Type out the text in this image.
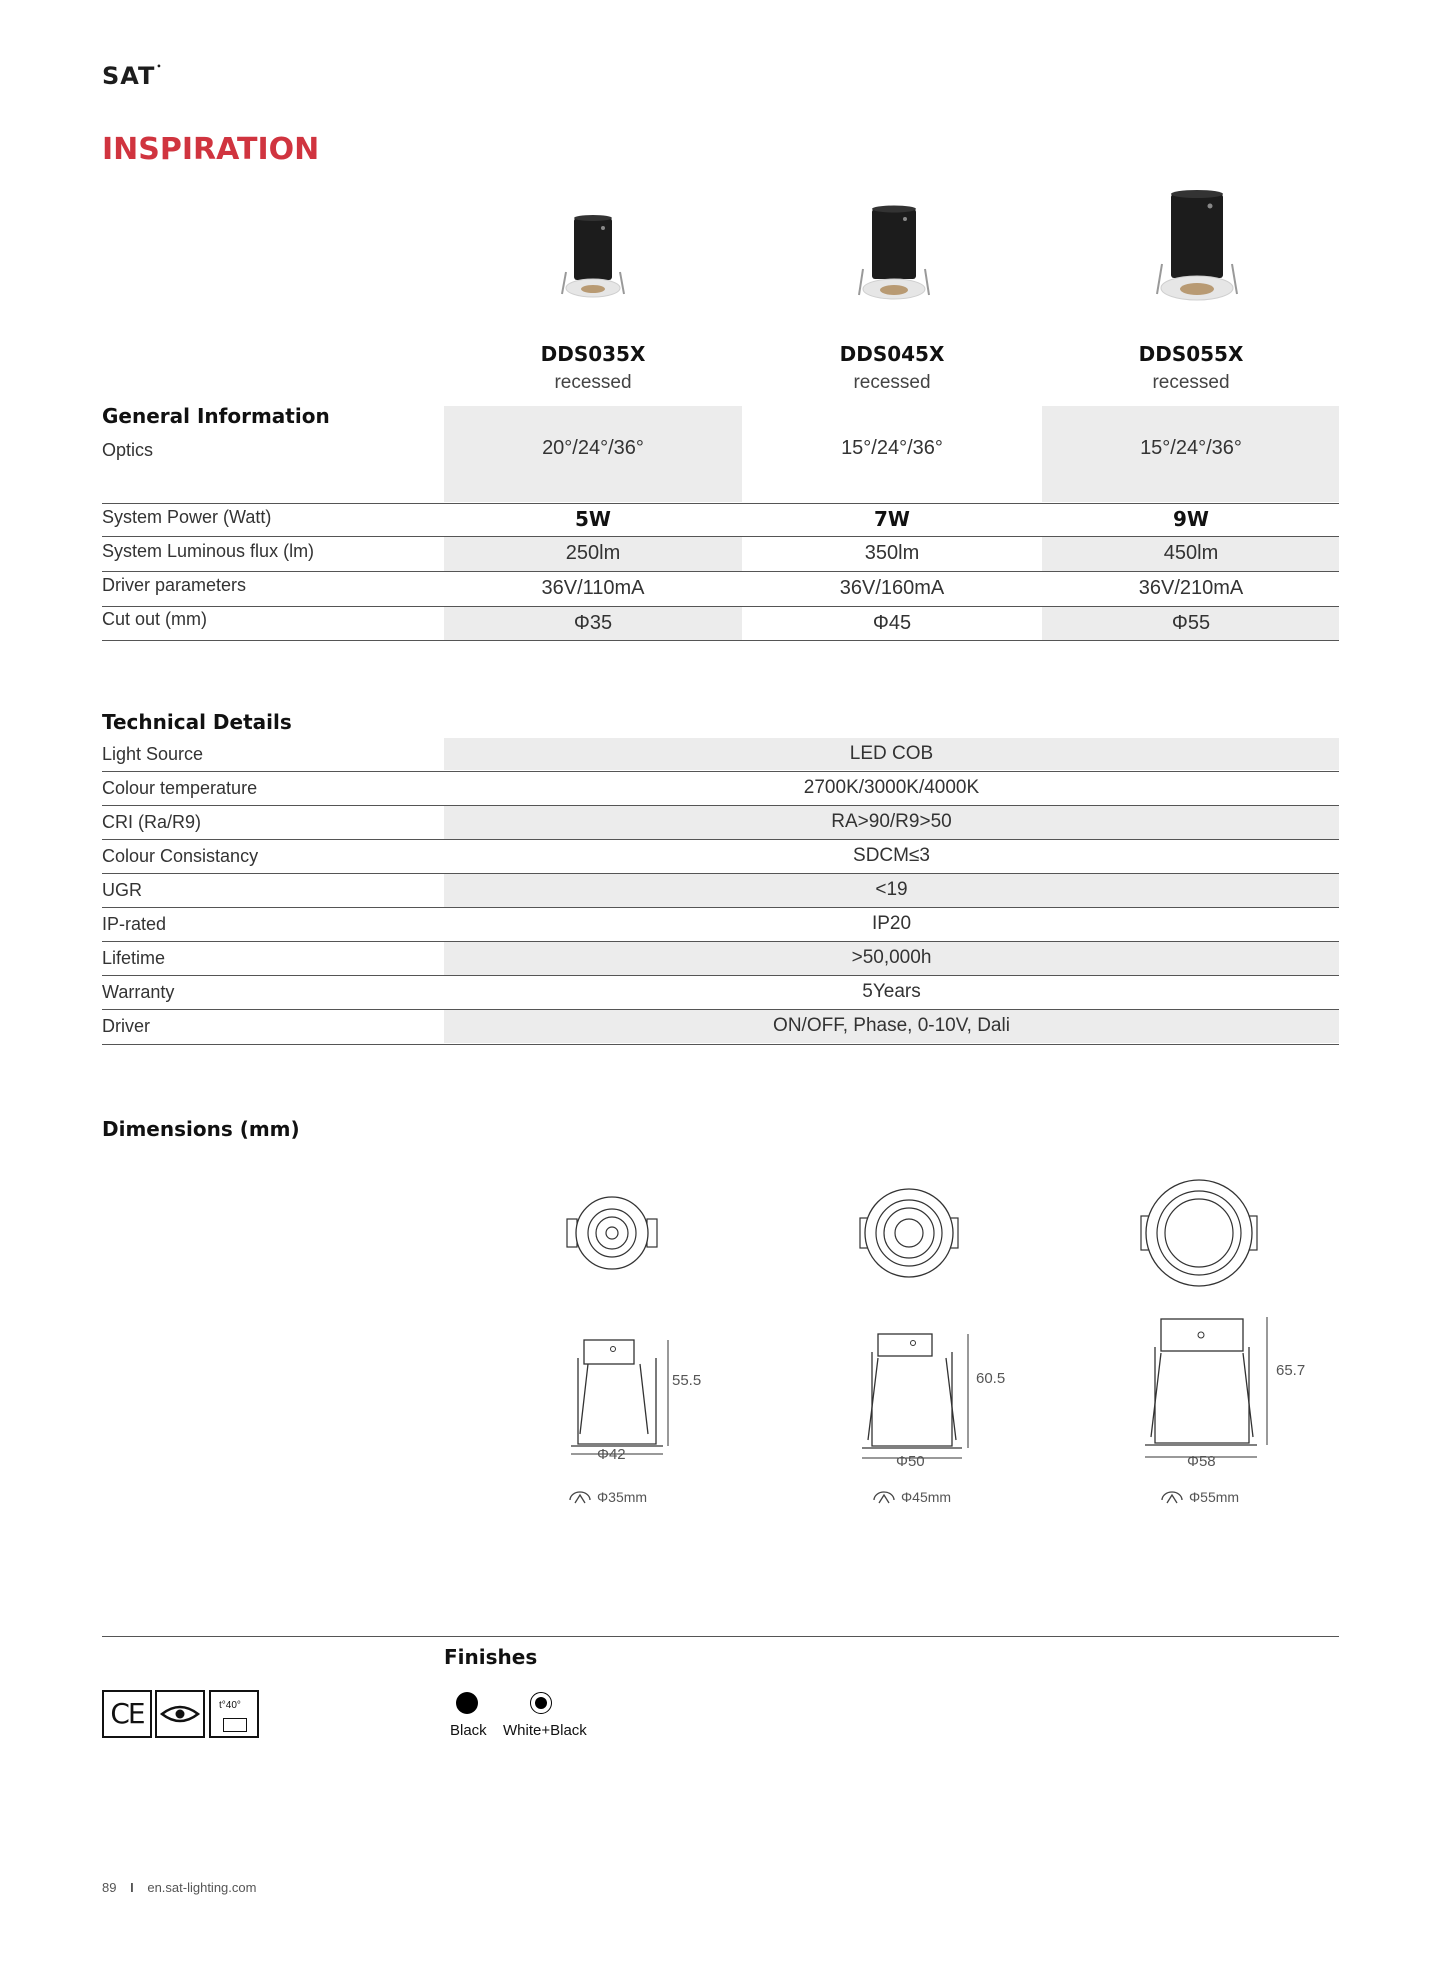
SAT•
INSPIRATION
DDS035X	DDS045X	DDS055X
recessed	recessed	recessed
General Information
Optics	20°/24°/36°	15°/24°/36°	15°/24°/36°
System Power (Watt)	5W	7W	9W
System Luminous flux (lm)	250lm	350lm	450lm
Driver parameters	36V/110mA	36V/160mA	36V/210mA
Cut out (mm)	Φ35	Φ45	Φ55
Technical Details
Light Source	LED COB
Colour temperature	2700K/3000K/4000K
CRI (Ra/R9)	RA>90/R9>50
Colour Consistancy	SDCM≤3
UGR	<19
IP-rated	IP20
Lifetime	>50,000h
Warranty	5Years
Driver	ON/OFF, Phase, 0-10V, Dali
Dimensions (mm)
55.5	60.5	65.7
Φ42	Φ50	Φ58
Φ35mm	Φ45mm	Φ55mm
CE	t°40°
Finishes
Black White+Black
89 I en.sat-lighting.com
